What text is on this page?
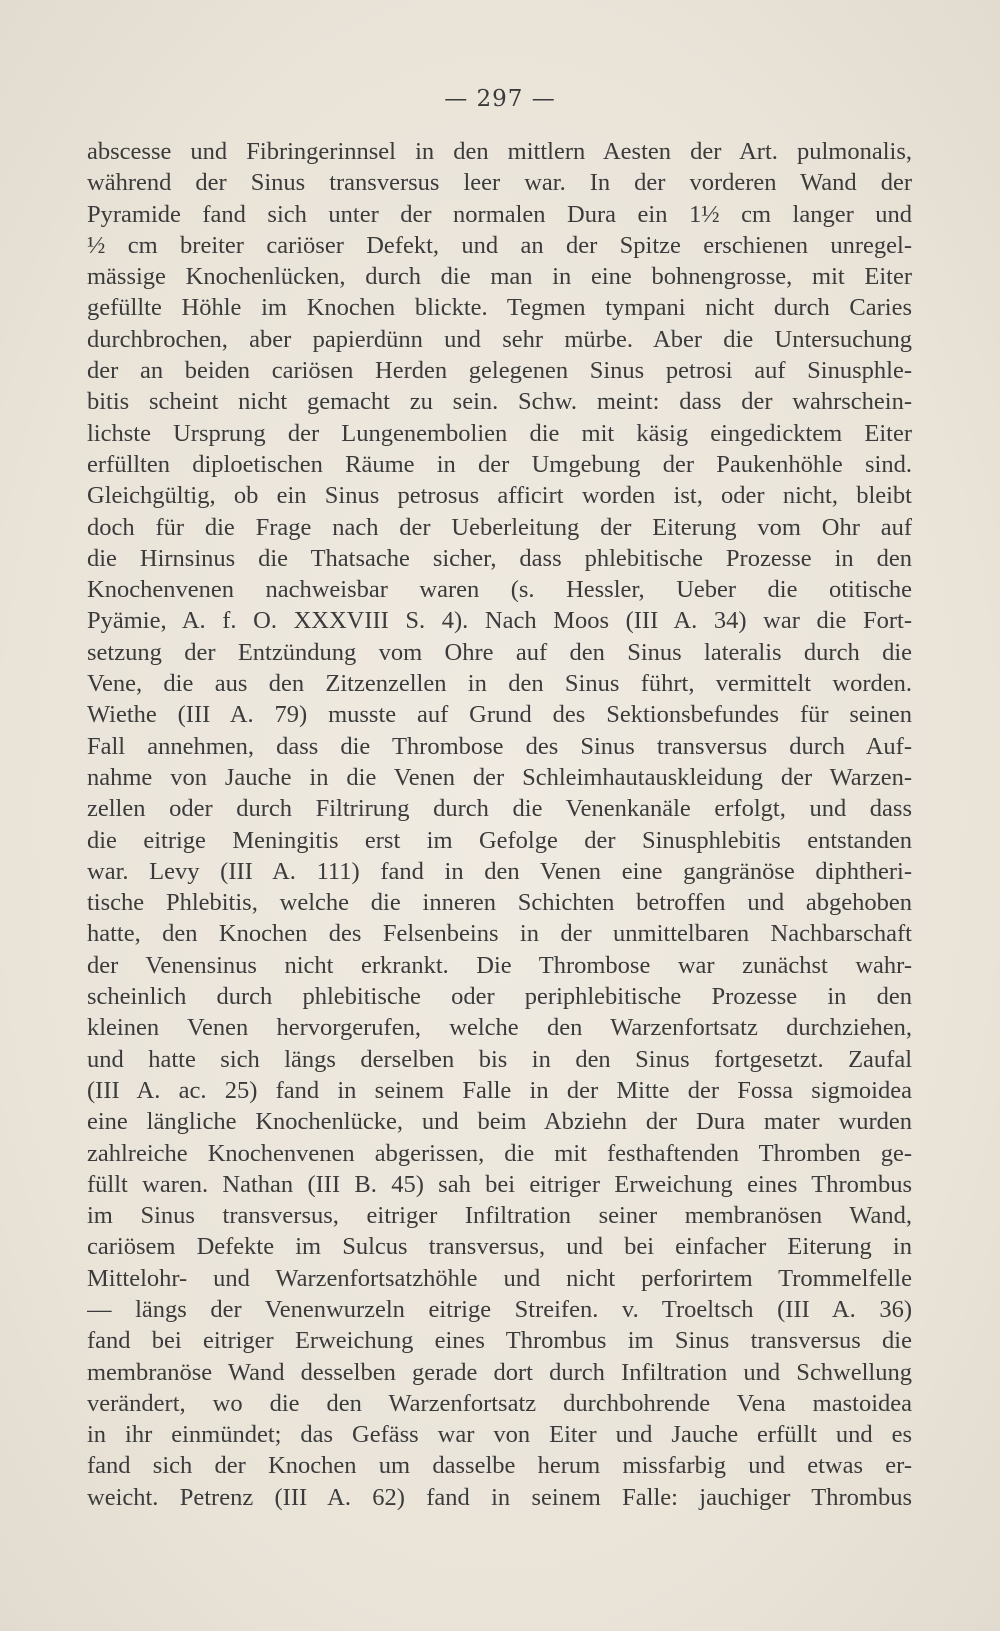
— 297 —
abscesse und Fibringerinnsel in den mittlern Aesten der Art. pulmonalis,
während der Sinus transversus leer war. In der vorderen Wand der
Pyramide fand sich unter der normalen Dura ein 1½ cm langer und
½ cm breiter cariöser Defekt, und an der Spitze erschienen unregel-
mässige Knochenlücken, durch die man in eine bohnengrosse, mit Eiter
gefüllte Höhle im Knochen blickte. Tegmen tympani nicht durch Caries
durchbrochen, aber papierdünn und sehr mürbe. Aber die Untersuchung
der an beiden cariösen Herden gelegenen Sinus petrosi auf Sinusphle-
bitis scheint nicht gemacht zu sein. Schw. meint: dass der wahrschein-
lichste Ursprung der Lungenembolien die mit käsig eingedicktem Eiter
erfüllten diploetischen Räume in der Umgebung der Paukenhöhle sind.
Gleichgültig, ob ein Sinus petrosus afficirt worden ist, oder nicht, bleibt
doch für die Frage nach der Ueberleitung der Eiterung vom Ohr auf
die Hirnsinus die Thatsache sicher, dass phlebitische Prozesse in den
Knochenvenen nachweisbar waren (s. Hessler, Ueber die otitische
Pyämie, A. f. O. XXXVIII S. 4). Nach Moos (III A. 34) war die Fort-
setzung der Entzündung vom Ohre auf den Sinus lateralis durch die
Vene, die aus den Zitzenzellen in den Sinus führt, vermittelt worden.
Wiethe (III A. 79) musste auf Grund des Sektionsbefundes für seinen
Fall annehmen, dass die Thrombose des Sinus transversus durch Auf-
nahme von Jauche in die Venen der Schleimhautauskleidung der Warzen-
zellen oder durch Filtrirung durch die Venenkanäle erfolgt, und dass
die eitrige Meningitis erst im Gefolge der Sinusphlebitis entstanden
war. Levy (III A. 111) fand in den Venen eine gangränöse diphtheri-
tische Phlebitis, welche die inneren Schichten betroffen und abgehoben
hatte, den Knochen des Felsenbeins in der unmittelbaren Nachbarschaft
der Venensinus nicht erkrankt. Die Thrombose war zunächst wahr-
scheinlich durch phlebitische oder periphlebitische Prozesse in den
kleinen Venen hervorgerufen, welche den Warzenfortsatz durchziehen,
und hatte sich längs derselben bis in den Sinus fortgesetzt. Zaufal
(III A. ac. 25) fand in seinem Falle in der Mitte der Fossa sigmoidea
eine längliche Knochenlücke, und beim Abziehn der Dura mater wurden
zahlreiche Knochenvenen abgerissen, die mit festhaftenden Thromben ge-
füllt waren. Nathan (III B. 45) sah bei eitriger Erweichung eines Thrombus
im Sinus transversus, eitriger Infiltration seiner membranösen Wand,
cariösem Defekte im Sulcus transversus, und bei einfacher Eiterung in
Mittelohr- und Warzenfortsatzhöhle und nicht perforirtem Trommelfelle
— längs der Venenwurzeln eitrige Streifen. v. Troeltsch (III A. 36)
fand bei eitriger Erweichung eines Thrombus im Sinus transversus die
membranöse Wand desselben gerade dort durch Infiltration und Schwellung
verändert, wo die den Warzenfortsatz durchbohrende Vena mastoidea
in ihr einmündet; das Gefäss war von Eiter und Jauche erfüllt und es
fand sich der Knochen um dasselbe herum missfarbig und etwas er-
weicht. Petrenz (III A. 62) fand in seinem Falle: jauchiger Thrombus
